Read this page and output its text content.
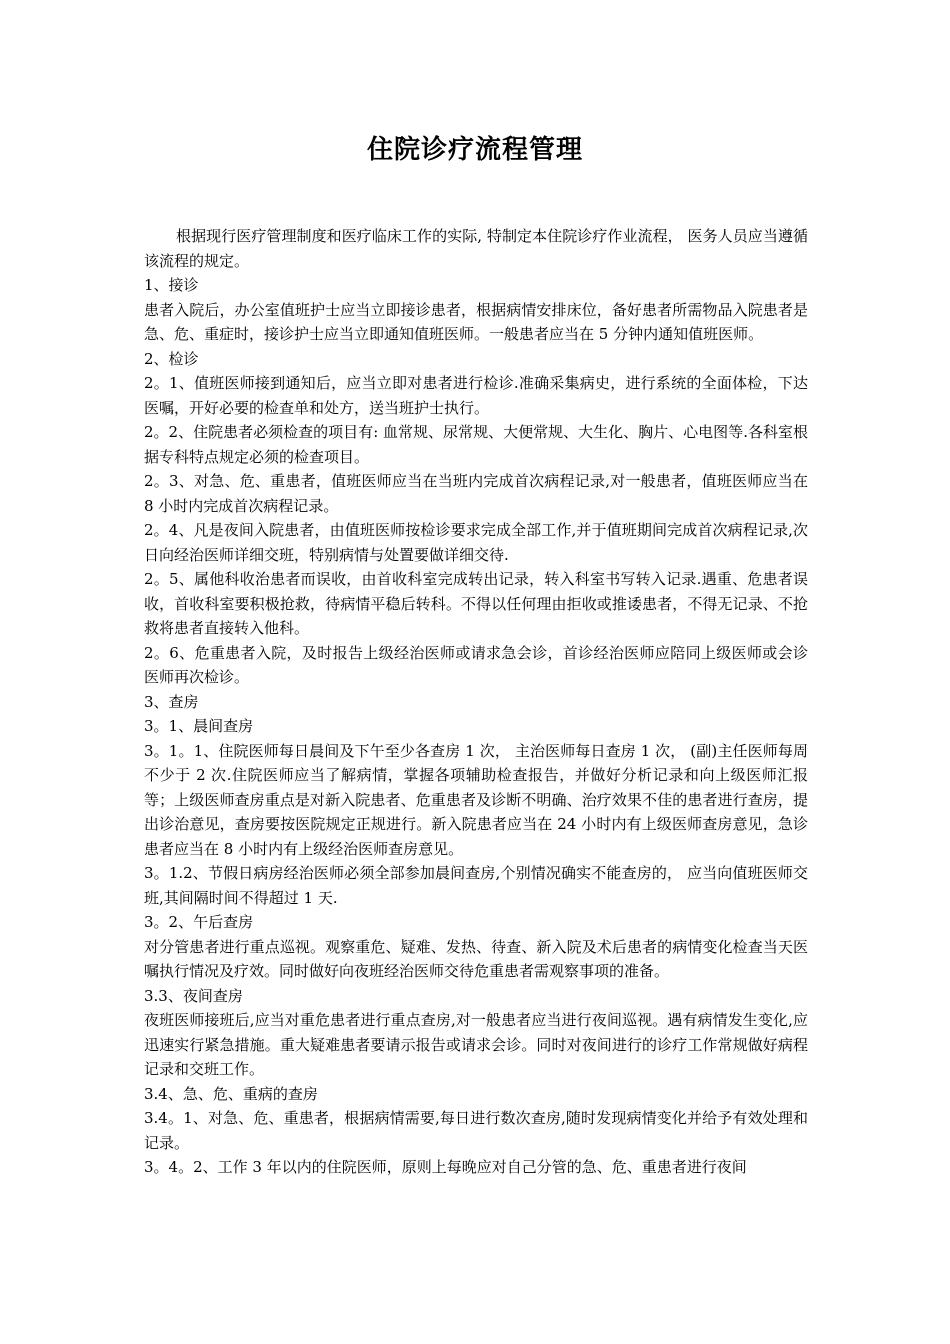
住院诊疗流程管理

根据现行医疗管理制度和医疗临床工作的实际, 特制定本住院诊疗作业流程， 医务人员应当遵循该流程的规定。

1、接诊

患者入院后，办公室值班护士应当立即接诊患者，根据病情安排床位，备好患者所需物品入院患者是急、危、重症时，接诊护士应当立即通知值班医师。一般患者应当在 5 分钟内通知值班医师。

2、检诊

2。1、值班医师接到通知后，应当立即对患者进行检诊.准确采集病史，进行系统的全面体检，下达医嘱，开好必要的检查单和处方，送当班护士执行。

2。2、住院患者必须检查的项目有: 血常规、尿常规、大便常规、大生化、胸片、心电图等.各科室根据专科特点规定必须的检查项目。

2。3、对急、危、重患者，值班医师应当在当班内完成首次病程记录,对一般患者，值班医师应当在 8 小时内完成首次病程记录。

2。4、凡是夜间入院患者，由值班医师按检诊要求完成全部工作,并于值班期间完成首次病程记录,次日向经治医师详细交班，特别病情与处置要做详细交待.

2。5、属他科收治患者而误收，由首收科室完成转出记录，转入科室书写转入记录.遇重、危患者误收，首收科室要积极抢救，待病情平稳后转科。不得以任何理由拒收或推诿患者，不得无记录、不抢救将患者直接转入他科。

2。6、危重患者入院，及时报告上级经治医师或请求急会诊，首诊经治医师应陪同上级医师或会诊医师再次检诊。

3、查房

3。1、晨间查房

3。1。1、住院医师每日晨间及下午至少各查房 1 次， 主治医师每日查房 1 次， (副)主任医师每周不少于 2 次.住院医师应当了解病情，掌握各项辅助检查报告，并做好分析记录和向上级医师汇报等；上级医师查房重点是对新入院患者、危重患者及诊断不明确、治疗效果不佳的患者进行查房，提出诊治意见，查房要按医院规定正规进行。新入院患者应当在 24 小时内有上级医师查房意见，急诊患者应当在 8 小时内有上级经治医师查房意见。

3。1.2、节假日病房经治医师必须全部参加晨间查房,个别情况确实不能查房的， 应当向值班医师交班,其间隔时间不得超过 1 天.

3。2、午后查房

对分管患者进行重点巡视。观察重危、疑难、发热、待查、新入院及术后患者的病情变化检查当天医嘱执行情况及疗效。同时做好向夜班经治医师交待危重患者需观察事项的准备。

3.3、夜间查房

夜班医师接班后,应当对重危患者进行重点查房,对一般患者应当进行夜间巡视。遇有病情发生变化,应迅速实行紧急措施。重大疑难患者要请示报告或请求会诊。同时对夜间进行的诊疗工作常规做好病程记录和交班工作。

3.4、急、危、重病的查房

3.4。1、对急、危、重患者，根据病情需要,每日进行数次查房,随时发现病情变化并给予有效处理和记录。

3。4。2、工作 3 年以内的住院医师，原则上每晚应对自己分管的急、危、重患者进行夜间
